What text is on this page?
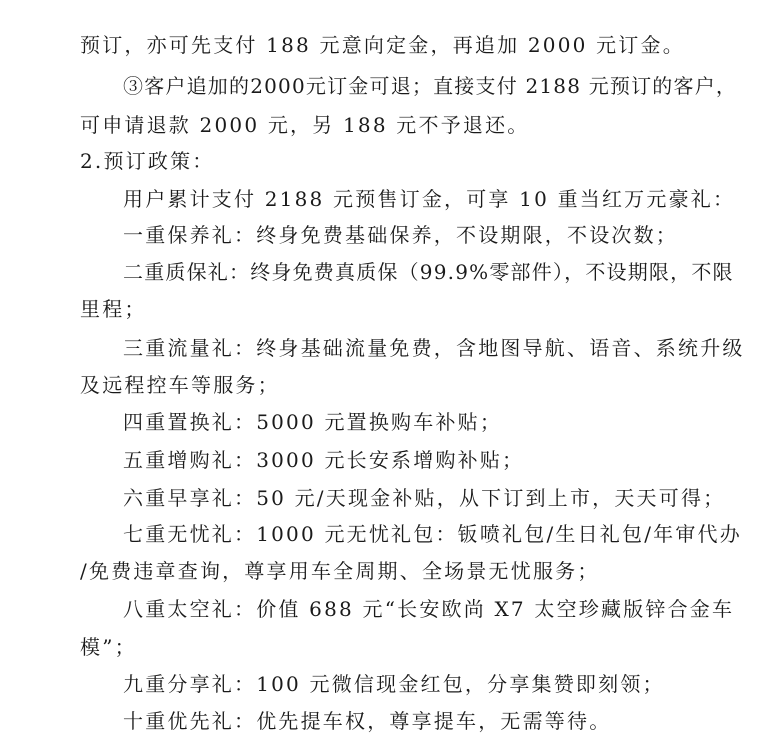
预订，亦可先支付 188 元意向定金，再追加 2000 元订金。
③客户追加的2000元订金可退；直接支付 2188 元预订的客户，
可申请退款 2000 元，另 188 元不予退还。
2.预订政策：
用户累计支付 2188 元预售订金，可享 10 重当红万元豪礼：
一重保养礼：终身免费基础保养，不设期限，不设次数；
二重质保礼：终身免费真质保（99.9%零部件），不设期限，不限
里程；
三重流量礼：终身基础流量免费，含地图导航、语音、系统升级
及远程控车等服务；
四重置换礼：5000 元置换购车补贴；
五重增购礼：3000 元长安系增购补贴；
六重早享礼：50 元/天现金补贴，从下订到上市，天天可得；
七重无忧礼：1000 元无忧礼包：钣喷礼包/生日礼包/年审代办
/免费违章查询，尊享用车全周期、全场景无忧服务；
八重太空礼：价值 688 元“长安欧尚 X7 太空珍藏版锌合金车
模”；
九重分享礼：100 元微信现金红包，分享集赞即刻领；
十重优先礼：优先提车权，尊享提车，无需等待。
